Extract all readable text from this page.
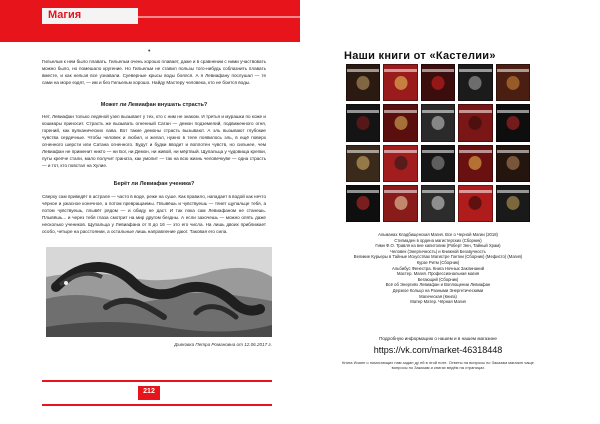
Магия
•

Гильельм к нем было плавать. Гильельм очень хорошо плавает, даже и в сравнении с ними участвовать можно было, но помешало кругение. Но Гильельм не ставил пользы того-нибудь соблазнить плавать вместе, и как нельзя все узнавали. Суеверные крысы воды боялся. А я Левиафану послушал — те сами на море ездят, — им и без Гильельм хорошо. Найду Мастеру человека, кто не боится воды.

Может ли Левиафан внушать страсть?

Нет, Левиафан только ледяной узел вызывает у тех, кто с ним не знаком. И третья и мурашки по коже и кошмары приносит. Страсть же вызывать огненный Сатан — демон подземелий, подвиженного огня, горений, как вулканических лава. Вот такие демоны страсть вызывают. А эль вызывают глубокие чувства сердечные. Чтобы человек и любил, и желал, нужно в теле появилось эль, в ещё поверх огненного шерсти или Сатана огненного. Будут и будки вводит и воплотен чувств, но сильнее, чем Левиафан не применит никто — ни Бог, ни Демон, ни живой, ни мёртвый. Щупальца у чудовища крепки, путы крепче стали, мало получит граната, как умолит — так на всю жизнь человечкуве — одна страсть — и тот, кто повстал на Хулие.

Берёт ли Левиафан ученика?

Сверху сам приведёт в астрале — часто в воде, реже на суше. Как правило, нападает в водой как нечто чёрное и ужасное конечное, а потом превращаемы. Плывёшь и чувствуешь — тянет щупальце тебя, а потом чувствуешь, плывёт рядом — и обиду не даст. И так пока сам Левиафаном не станешь. Плывёшь... и через тебя глаза смотрит на мир другом бездны. А если захочешь — можно опять даже несколько учеников. Щупальца у Левиафана от 8 до 16 — это его числа. На лишь двоих приближает особо, четыре на расстоянии, а остальные лишь направление дают. Таковая его сила.

Дьяковка Петра Романовна от 12.06.2017 г.
212
Наши книги от «Кастелии»
Альманах Кладбищенская Магия. Все о Черной Магии (2018)
Стигмаден в ордена магистерских (Сборник)
Гимн Ф.О. Травля на вне капитолим (Роберт Энн, Тайный Храм)
Человек (Энергичность) и Книжной Беззвучность
Великие Курьеры в Тайные Искусствах Магистре Гоетии (Сборник) (Мефисто) (Магия)
Курзе Ритм (Сборник)
Альбибус Фенестра. Книга Ночных Заклинаний
Мастер. Магия. Профессиональная магия
Бегающий (Сборник)
Всё об Энергиях Левиафан и Воплощении Левиафан
Дерзкое Кольцо на Разными Энергетическими
Магическая (Книга)
Матер Матер. Чёрная Магия
Подробную информацию о нашем и в нашем магазине
https://vk.com/market-46318448
Книга Иоанн о помогающих нам задан ду ей в этой ноте. Ответы на вопросы по Заказам магазин чаще вопросы по Заказам и книгах ведём на страницах
